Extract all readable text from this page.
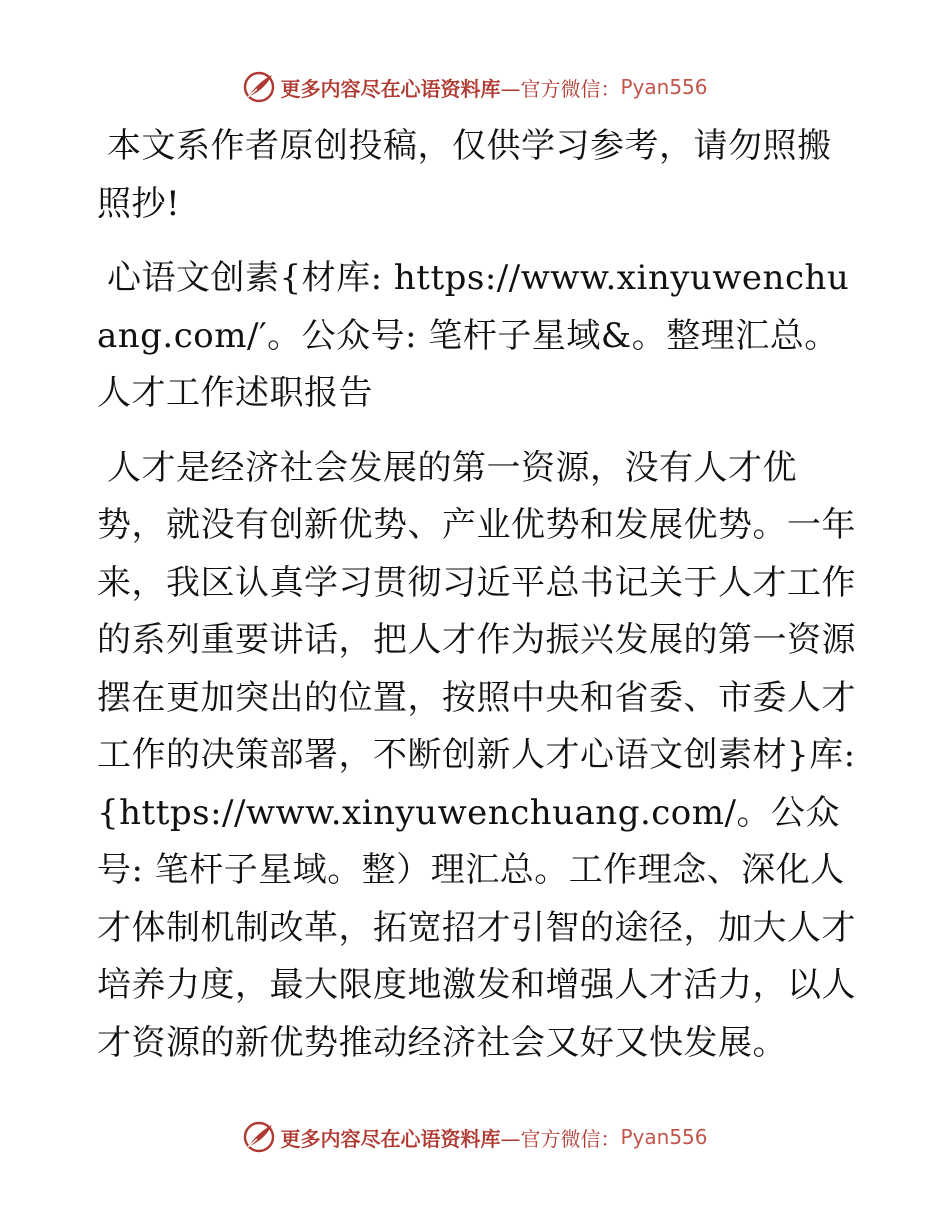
更多内容尽在心语资料库 —官方微信： Pyan556

本文系作者原创投稿，仅供学习参考，请勿照搬照抄!

心语文创素{材库: https://www.xinyuwenchuang.com/′。公众号: 笔杆子星域&。整理汇总。人才工作述职报告

人才是经济社会发展的第一资源，没有人才优势，就没有创新优势、产业优势和发展优势。一年来，我区认真学习贯彻习近平总书记关于人才工作的系列重要讲话，把人才作为振兴发展的第一资源摆在更加突出的位置，按照中央和省委、市委人才工作的决策部署，不断创新人才心语文创素材}库: {https://www.xinyuwenchuang.com/。公众号: 笔杆子星域。整）理汇总。工作理念、深化人才体制机制改革，拓宽招才引智的途径，加大人才培养力度，最大限度地激发和增强人才活力，以人才资源的新优势推动经济社会又好又快发展。

更多内容尽在心语资料库 —官方微信： Pyan556
